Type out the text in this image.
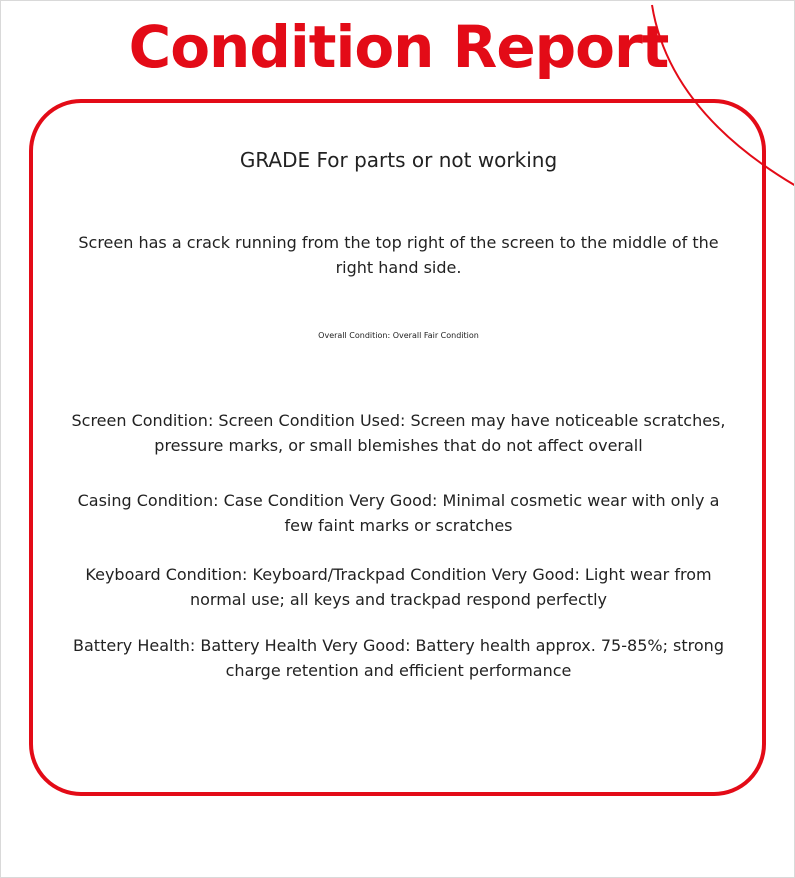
Condition Report

GRADE For parts or not working

Screen has a crack running from the top right of the screen to the middle of the right hand side.

Overall Condition: Overall Fair Condition

Screen Condition: Screen Condition Used: Screen may have noticeable scratches, pressure marks, or small blemishes that do not affect overall

Casing Condition: Case Condition Very Good: Minimal cosmetic wear with only a few faint marks or scratches

Keyboard Condition: Keyboard/Trackpad Condition Very Good: Light wear from normal use; all keys and trackpad respond perfectly

Battery Health: Battery Health Very Good: Battery health approx. 75-85%; strong charge retention and efficient performance
